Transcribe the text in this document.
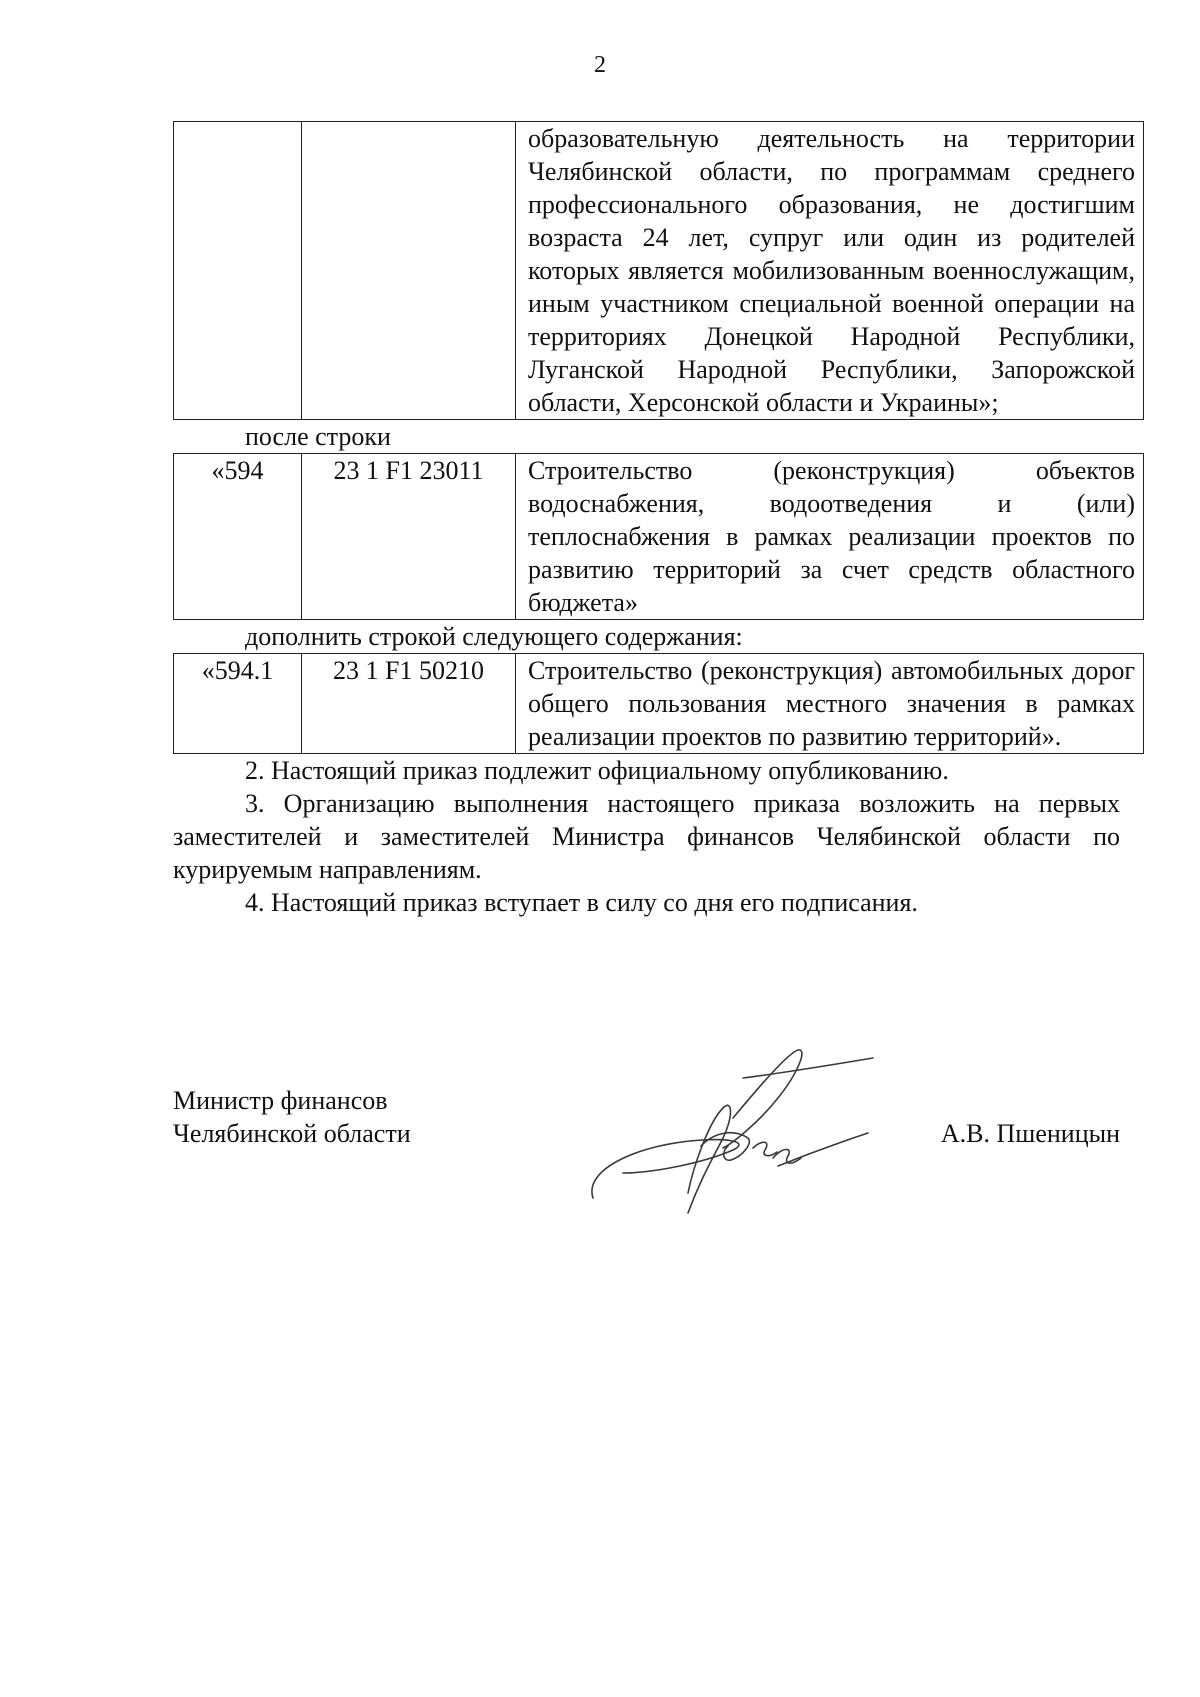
2
		образовательную деятельность на территории Челябинской области, по программам среднего профессионального образования, не достигшим возраста 24 лет, супруг или один из родителей которых является мобилизованным военнослужащим, иным участником специальной военной операции на территориях Донецкой Народной Республики, Луганской Народной Республики, Запорожской области, Херсонской области и Украины»;
после строки
«594	23 1 F1 23011	Строительство (реконструкция) объектов водоснабжения, водоотведения и (или) теплоснабжения в рамках реализации проектов по развитию территорий за счет средств областного бюджета»
дополнить строкой следующего содержания:
«594.1	23 1 F1 50210	Строительство (реконструкция) автомобильных дорог общего пользования местного значения в рамках реализации проектов по развитию территорий».

2. Настоящий приказ подлежит официальному опубликованию.

3. Организацию выполнения настоящего приказа возложить на первых заместителей и заместителей Министра финансов Челябинской области по курируемым направлениям.

4. Настоящий приказ вступает в силу со дня его подписания.

Министр финансов
Челябинской области	А.В. Пшеницын
